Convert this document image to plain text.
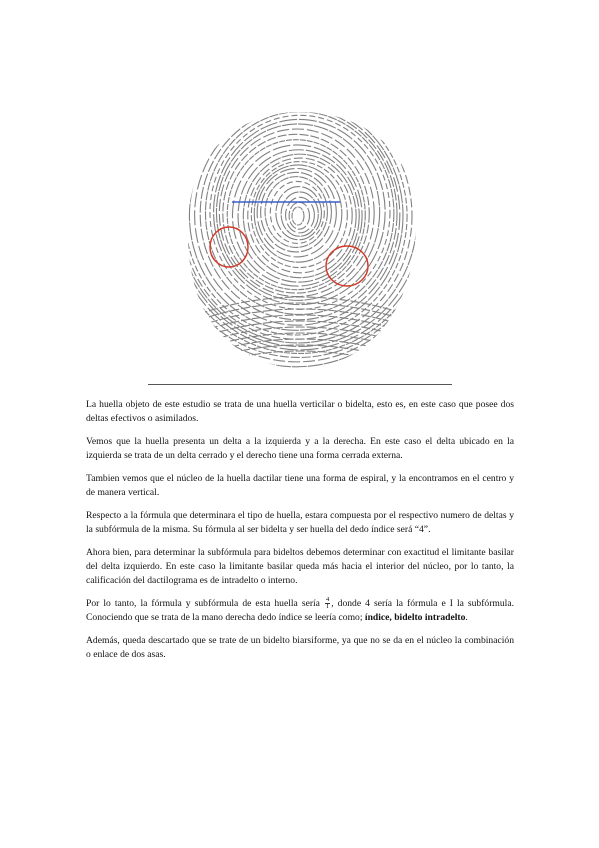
La huella objeto de este estudio se trata de una huella verticilar o bidelta, esto es, en este caso que posee dos deltas efectivos o asimilados.

Vemos que la huella presenta un delta a la izquierda y a la derecha. En este caso el delta ubicado en la izquierda se trata de un delta cerrado y el derecho tiene una forma cerrada externa.

Tambien vemos que el núcleo de la huella dactilar tiene una forma de espiral, y la encontramos en el centro y de manera vertical.

Respecto a la fórmula que determinara el tipo de huella, estara compuesta por el respectivo numero de deltas y la subfórmula de la misma. Su fórmula al ser bidelta y ser huella del dedo índice será “4”.

Ahora bien, para determinar la subfórmula para bideltos debemos determinar con exactitud el limitante basilar del delta izquierdo. En este caso la limitante basilar queda más hacia el interior del núcleo, por lo tanto, la calificación del dactilograma es de intradelto o interno.

Por lo tanto, la fórmula y subfórmula de esta huella sería $\frac{4}{I}$ , donde 4 sería la fórmula e I la subfórmula. Conociendo que se trata de la mano derecha dedo índice se leería como; índice, bidelto intradelto.

Además, queda descartado que se trate de un bidelto biarsiforme, ya que no se da en el núcleo la combinación o enlace de dos asas.
